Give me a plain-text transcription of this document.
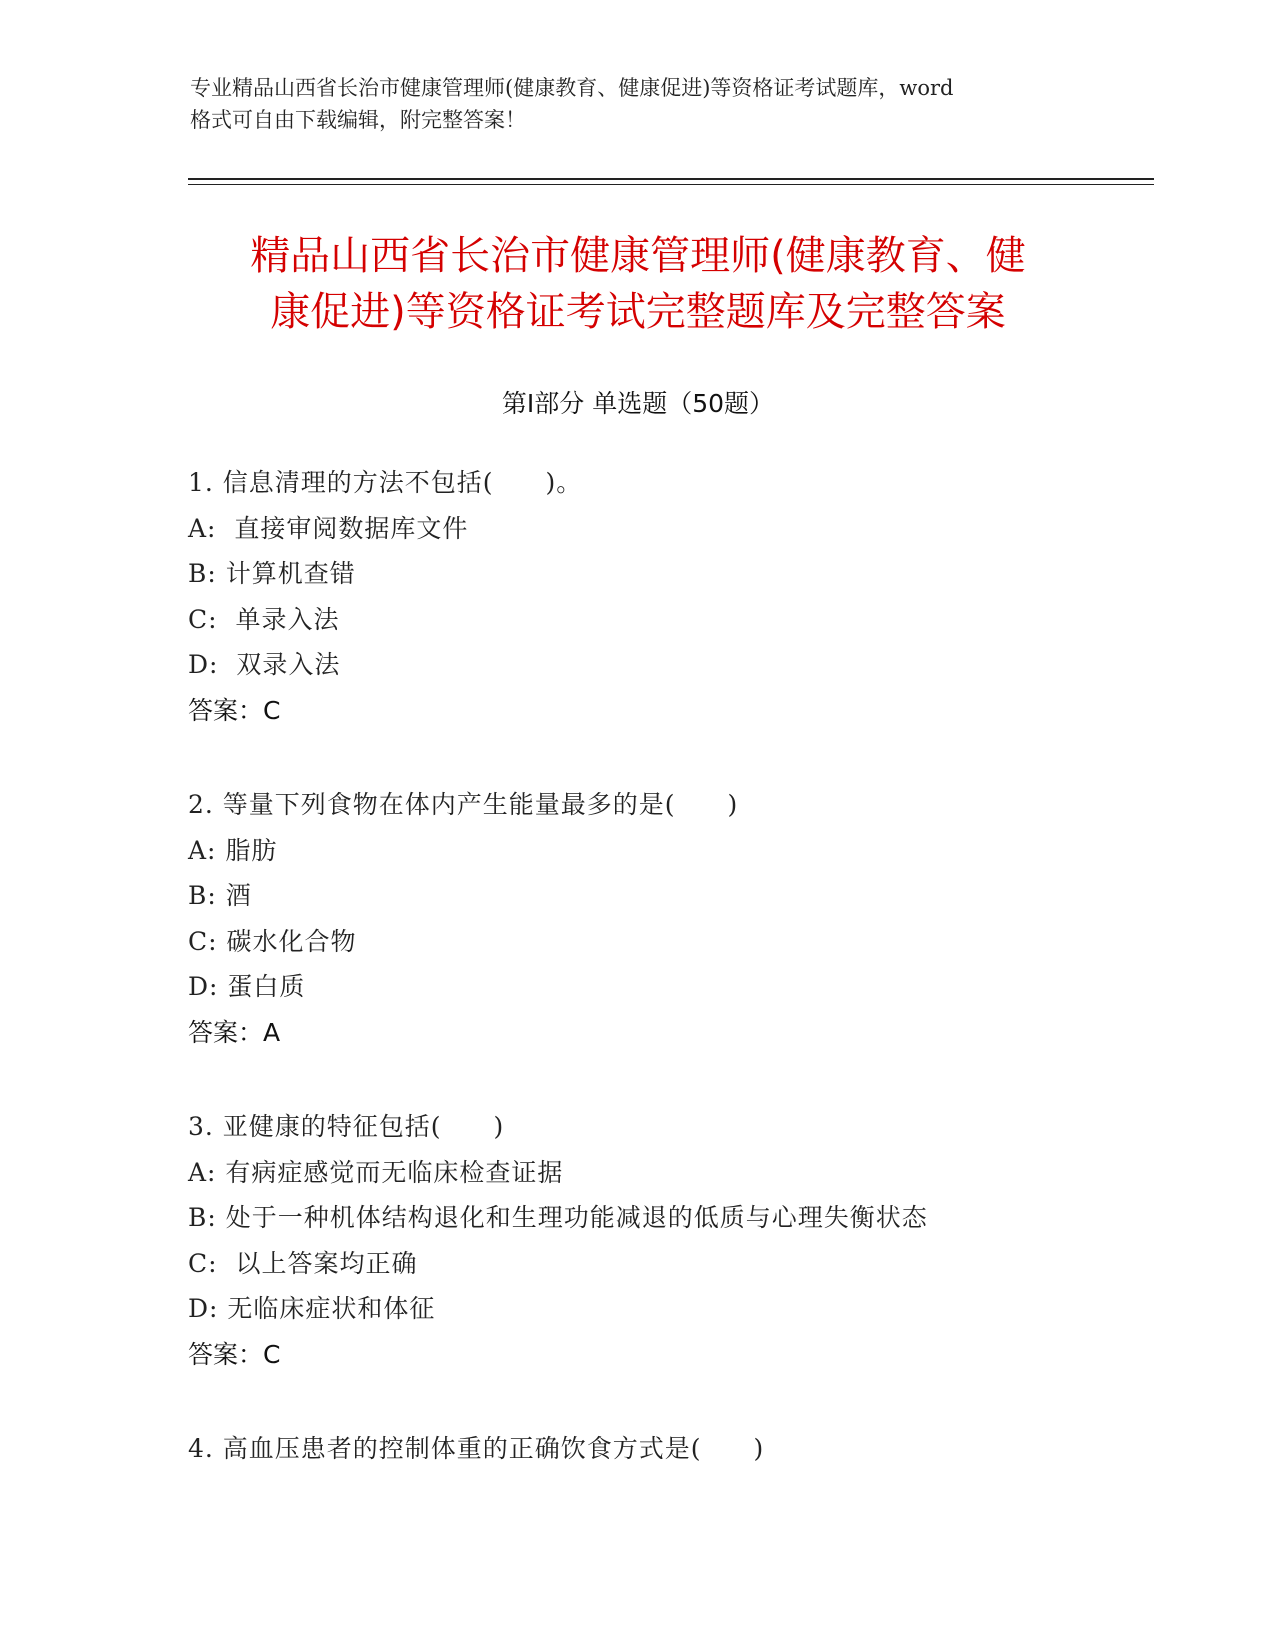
专业精品山西省长治市健康管理师(健康教育、健康促进)等资格证考试题库，word
格式可自由下载编辑，附完整答案！
精品山西省长治市健康管理师(健康教育、健
康促进)等资格证考试完整题库及完整答案
第Ⅰ部分 单选题（50题）
1. 信息清理的方法不包括(　　)。
A:  直接审阅数据库文件
B: 计算机查错
C:  单录入法
D:  双录入法
答案：C
2. 等量下列食物在体内产生能量最多的是(　　)
A: 脂肪
B: 酒
C: 碳水化合物
D: 蛋白质
答案：A
3. 亚健康的特征包括(　　)
A: 有病症感觉而无临床检查证据
B: 处于一种机体结构退化和生理功能减退的低质与心理失衡状态
C:  以上答案均正确
D: 无临床症状和体征
答案：C
4. 高血压患者的控制体重的正确饮食方式是(　　)
